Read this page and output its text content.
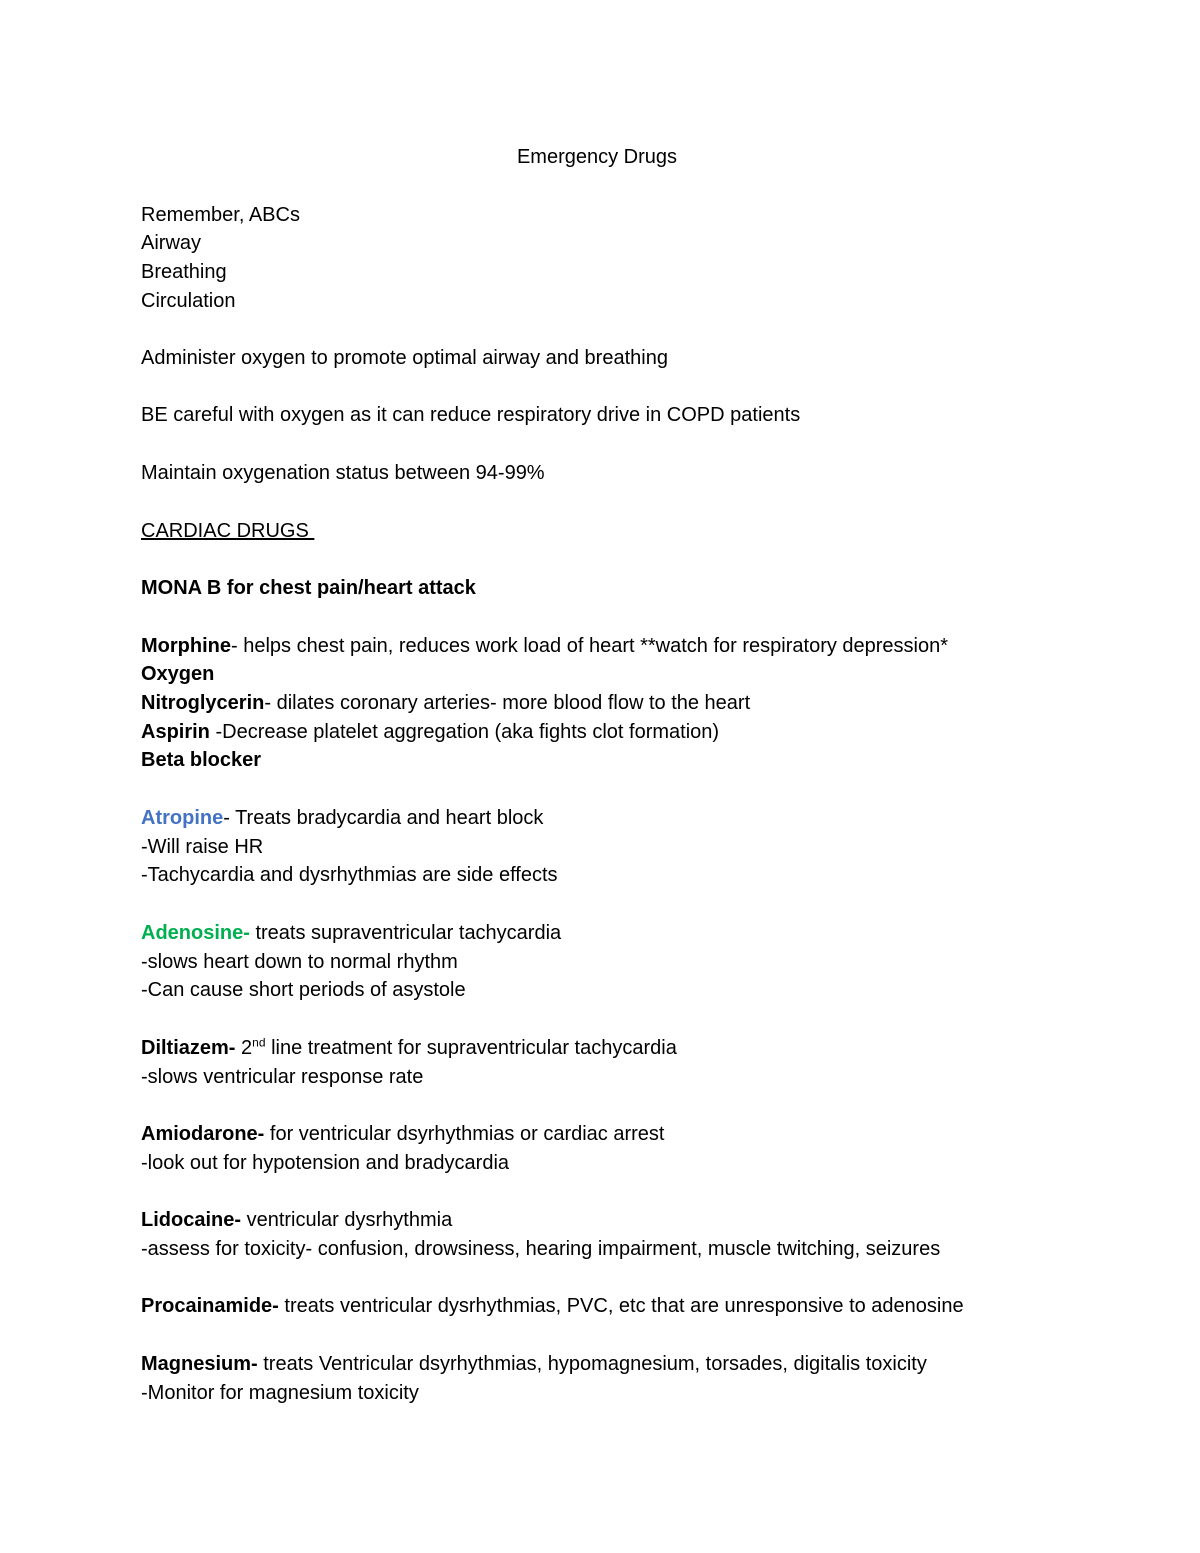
Emergency Drugs
Remember, ABCs
Airway
Breathing
Circulation
Administer oxygen to promote optimal airway and breathing
BE careful with oxygen as it can reduce respiratory drive in COPD patients
Maintain oxygenation status between 94-99%
CARDIAC DRUGS
MONA B for chest pain/heart attack
Morphine- helps chest pain, reduces work load of heart **watch for respiratory depression*
Oxygen
Nitroglycerin- dilates coronary arteries- more blood flow to the heart
Aspirin -Decrease platelet aggregation (aka fights clot formation)
Beta blocker
Atropine- Treats bradycardia and heart block
-Will raise HR
-Tachycardia and dysrhythmias are side effects
Adenosine- treats supraventricular tachycardia
-slows heart down to normal rhythm
-Can cause short periods of asystole
Diltiazem- 2nd line treatment for supraventricular tachycardia
-slows ventricular response rate
Amiodarone- for ventricular dsyrhythmias or cardiac arrest
-look out for hypotension and bradycardia
Lidocaine- ventricular dysrhythmia
-assess for toxicity- confusion, drowsiness, hearing impairment, muscle twitching, seizures
Procainamide- treats ventricular dysrhythmias, PVC, etc that are unresponsive to adenosine
Magnesium- treats Ventricular dsyrhythmias, hypomagnesium, torsades, digitalis toxicity
-Monitor for magnesium toxicity
